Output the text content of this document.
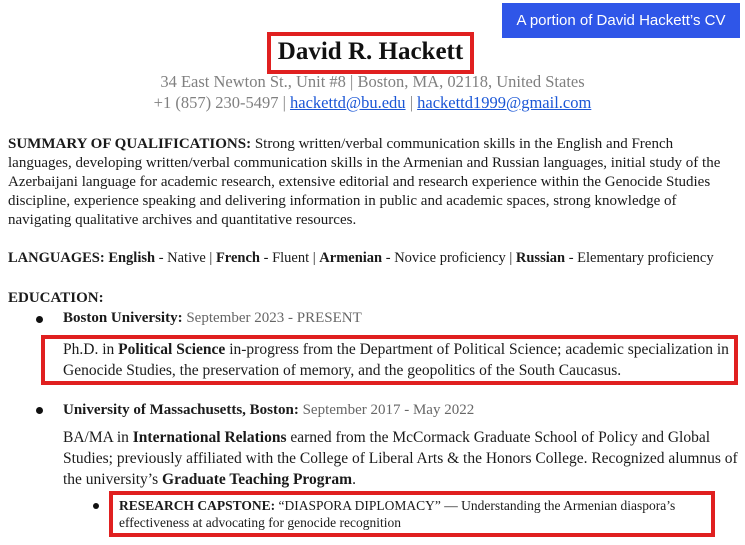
A portion of David Hackett’s CV
David R. Hackett
34 East Newton St., Unit #8 | Boston, MA, 02118, United States
+1 (857) 230-5497 | hackettd@bu.edu | hackettd1999@gmail.com
SUMMARY OF QUALIFICATIONS: Strong written/verbal communication skills in the English and French languages, developing written/verbal communication skills in the Armenian and Russian languages, initial study of the Azerbaijani language for academic research, extensive editorial and research experience within the Genocide Studies discipline, experience speaking and delivering information in public and academic spaces, strong knowledge of navigating qualitative archives and quantitative resources.
LANGUAGES: English - Native | French - Fluent | Armenian - Novice proficiency | Russian - Elementary proficiency
EDUCATION:
Boston University: September 2023 - PRESENT
Ph.D. in Political Science in-progress from the Department of Political Science; academic specialization in Genocide Studies, the preservation of memory, and the geopolitics of the South Caucasus.
University of Massachusetts, Boston: September 2017 - May 2022
BA/MA in International Relations earned from the McCormack Graduate School of Policy and Global Studies; previously affiliated with the College of Liberal Arts & the Honors College. Recognized alumnus of the university’s Graduate Teaching Program.
RESEARCH CAPSTONE: “DIASPORA DIPLOMACY” — Understanding the Armenian diaspora’s effectiveness at advocating for genocide recognition
